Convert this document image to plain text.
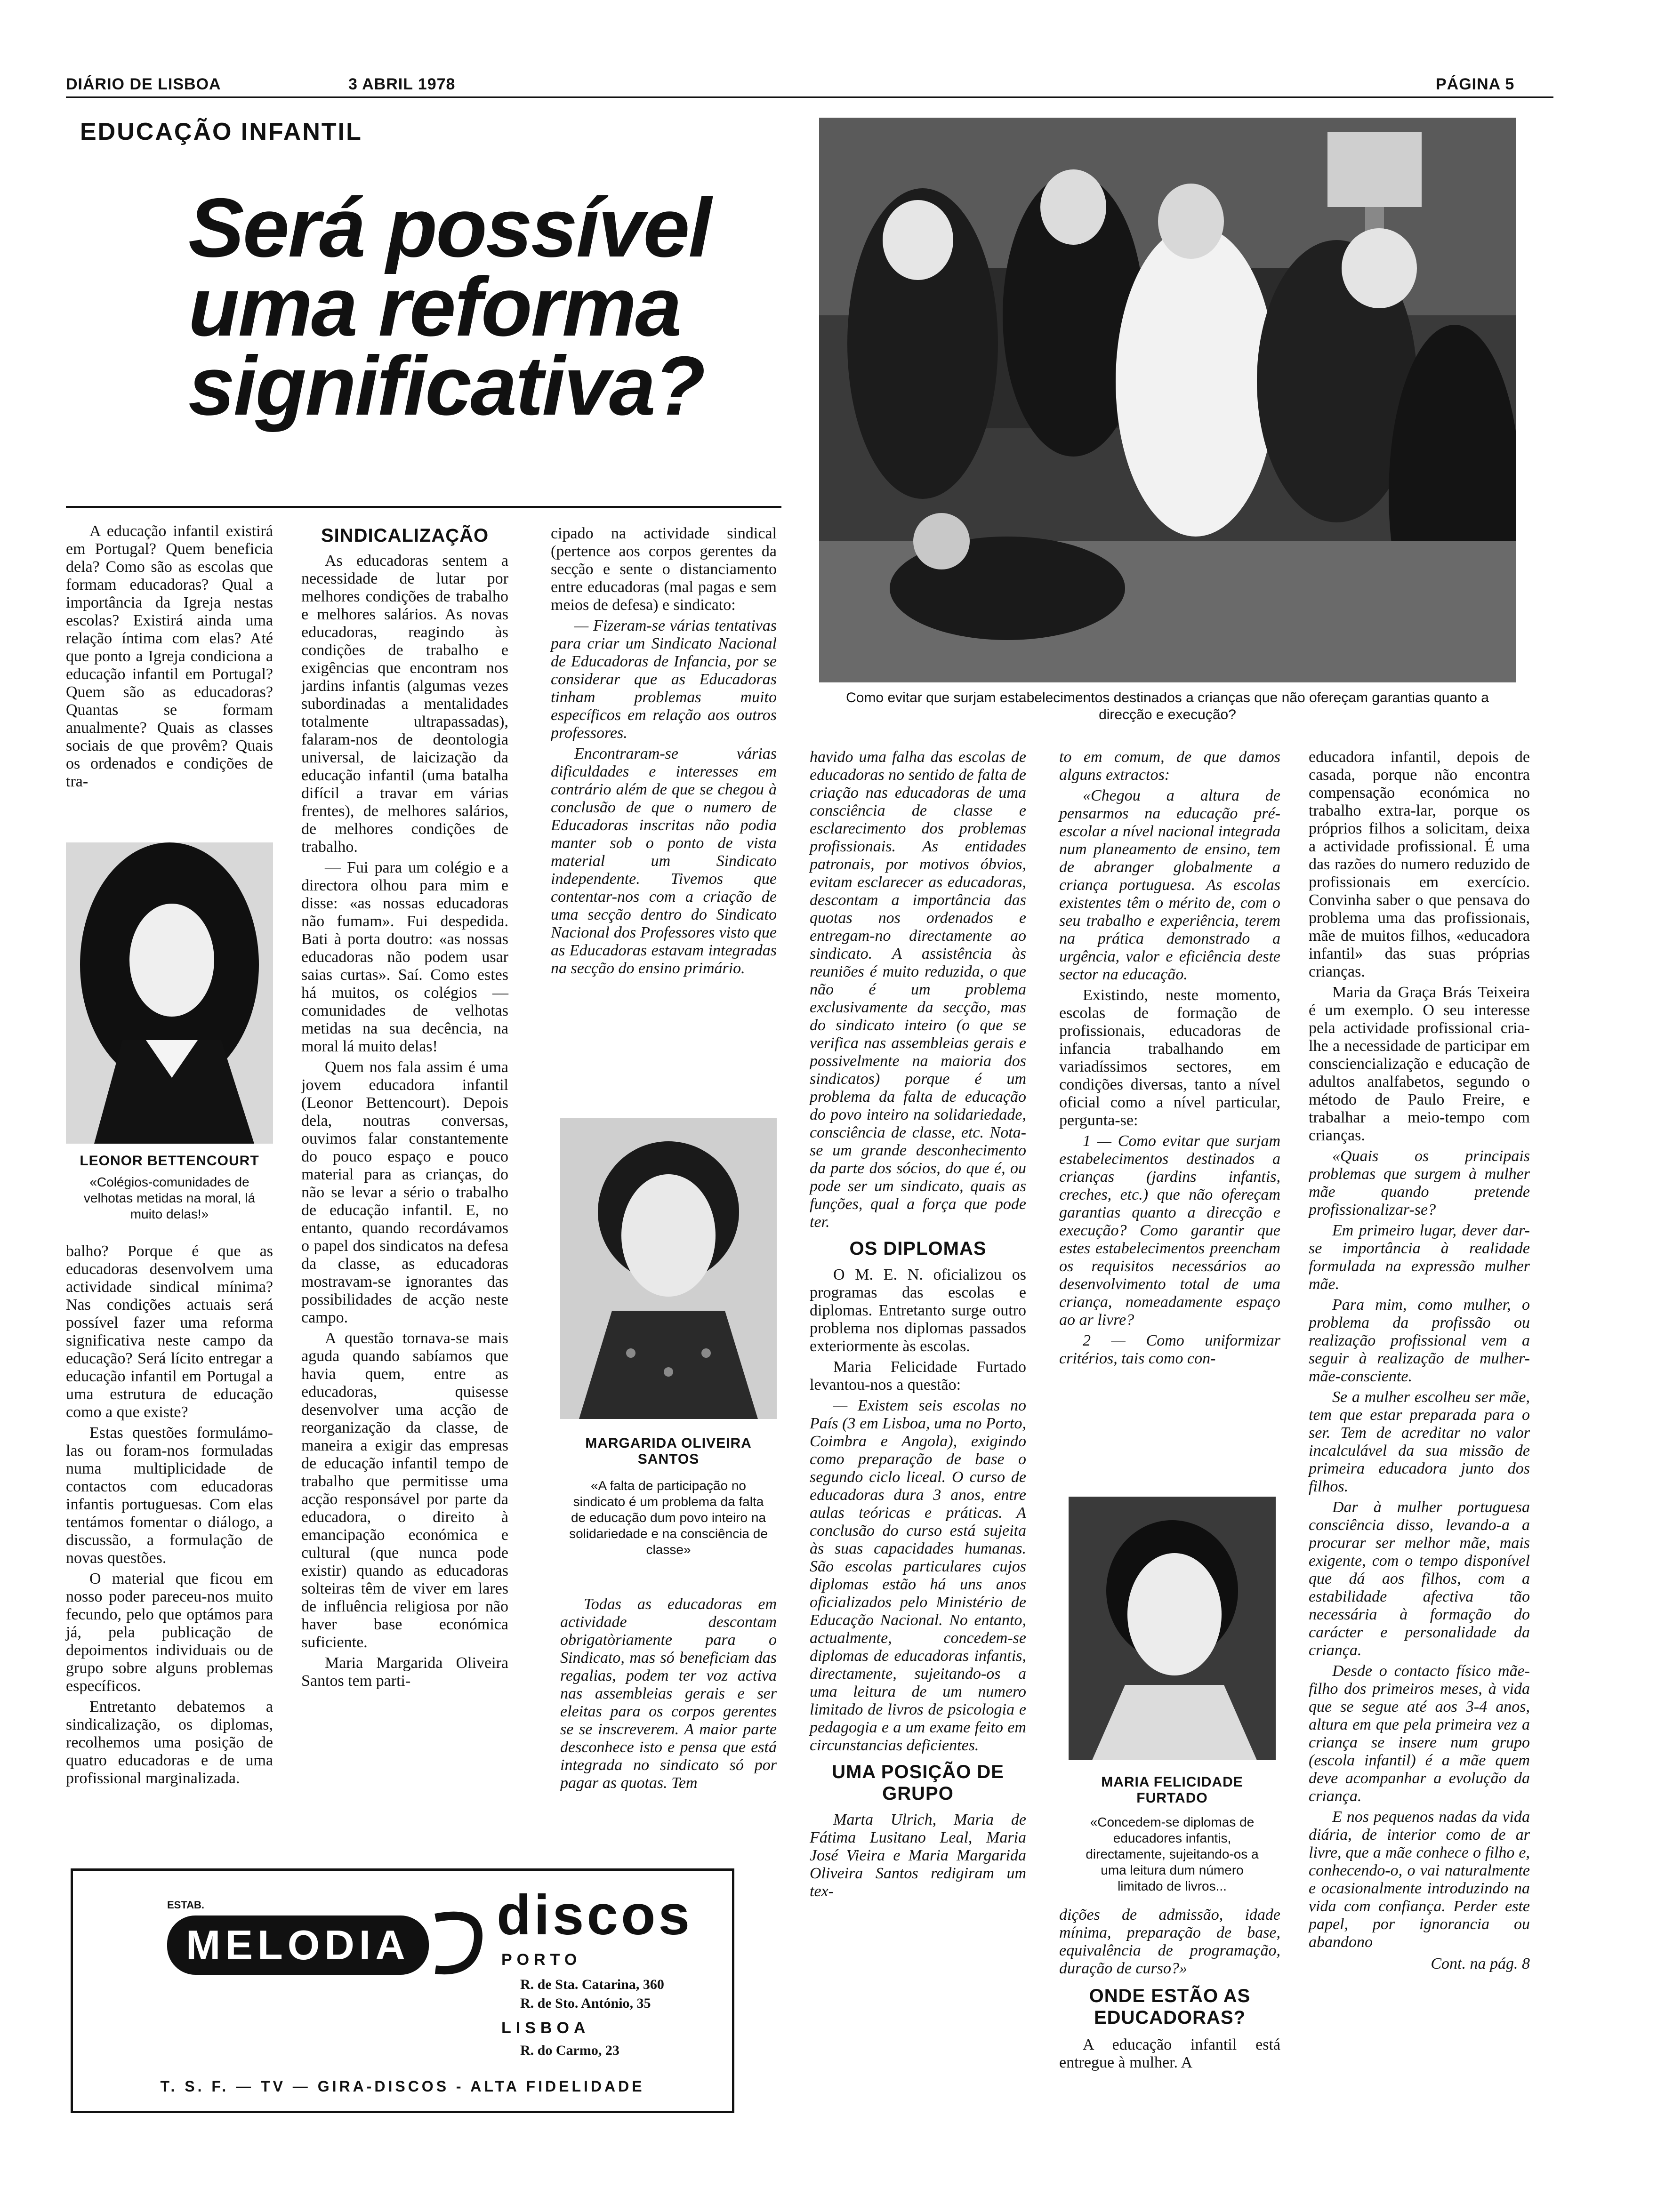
DIÁRIO DE LISBOA	3 ABRIL 1978	PÁGINA 5
EDUCAÇÃO INFANTIL
Será possível
uma reforma
significativa?
Como evitar que surjam estabelecimentos destinados a crianças que não ofereçam garantias quanto a direcção e execução?

A educação infantil existirá em Portugal? Quem beneficia dela? Como são as escolas que formam educadoras? Qual a importância da Igreja nestas escolas? Existirá ainda uma relação íntima com elas? Até que ponto a Igreja condiciona a educação infantil em Portugal? Quem são as educadoras? Quantas se formam anualmente? Quais as classes sociais de que provêm? Quais os ordenados e condições de tra-

LEONOR BETTENCOURT
«Colégios-comunidades de velhotas metidas na moral, lá muito delas!»

balho? Porque é que as educadoras desenvolvem uma actividade sindical mínima? Nas condições actuais será possível fazer uma reforma significativa neste campo da educação? Será lícito entregar a educação infantil em Portugal a uma estrutura de educação como a que existe?

Estas questões formulámo-las ou foram-nos formuladas numa multiplicidade de contactos com educadoras infantis portuguesas. Com elas tentámos fomentar o diálogo, a discussão, a formulação de novas questões.

O material que ficou em nosso poder pareceu-nos muito fecundo, pelo que optámos para já, pela publicação de depoimentos individuais ou de grupo sobre alguns problemas específicos.

Entretanto debatemos a sindicalização, os diplomas, recolhemos uma posição de quatro educadoras e de uma profissional marginalizada.

SINDICALIZAÇÃO

As educadoras sentem a necessidade de lutar por melhores condições de trabalho e melhores salários. As novas educadoras, reagindo às condições de trabalho e exigências que encontram nos jardins infantis (algumas vezes subordinadas a mentalidades totalmente ultrapassadas), falaram-nos de deontologia universal, de laicização da educação infantil (uma batalha difícil a travar em várias frentes), de melhores salários, de melhores condições de trabalho.

— Fui para um colégio e a directora olhou para mim e disse: «as nossas educadoras não fumam». Fui despedida. Bati à porta doutro: «as nossas educadoras não podem usar saias curtas». Saí. Como estes há muitos, os colégios — comunidades de velhotas metidas na sua decência, na moral lá muito delas!

Quem nos fala assim é uma jovem educadora infantil (Leonor Bettencourt). Depois dela, noutras conversas, ouvimos falar constantemente do pouco espaço e pouco material para as crianças, do não se levar a sério o trabalho de educação infantil. E, no entanto, quando recordávamos o papel dos sindicatos na defesa da classe, as educadoras mostravam-se ignorantes das possibilidades de acção neste campo.

A questão tornava-se mais aguda quando sabíamos que havia quem, entre as educadoras, quisesse desenvolver uma acção de reorganização da classe, de maneira a exigir das empresas de educação infantil tempo de trabalho que permitisse uma acção responsável por parte da educadora, o direito à emancipação económica e cultural (que nunca pode existir) quando as educadoras solteiras têm de viver em lares de influência religiosa por não haver base económica suficiente.

Maria Margarida Oliveira Santos tem parti-

cipado na actividade sindical (pertence aos corpos gerentes da secção e sente o distanciamento entre educadoras (mal pagas e sem meios de defesa) e sindicato:

— Fizeram-se várias tentativas para criar um Sindicato Nacional de Educadoras de Infancia, por se considerar que as Educadoras tinham problemas muito específicos em relação aos outros professores.

Encontraram-se várias dificuldades e interesses em contrário além de que se chegou à conclusão de que o numero de Educadoras inscritas não podia manter sob o ponto de vista material um Sindicato independente. Tivemos que contentar-nos com a criação de uma secção dentro do Sindicato Nacional dos Professores visto que as Educadoras estavam integradas na secção do ensino primário.

MARGARIDA OLIVEIRA SANTOS
«A falta de participação no sindicato é um problema da falta de educação dum povo inteiro na solidariedade e na consciência de classe»

Todas as educadoras em actividade descontam obrigatòriamente para o Sindicato, mas só beneficiam das regalias, podem ter voz activa nas assembleias gerais e ser eleitas para os corpos gerentes se se inscreverem. A maior parte desconhece isto e pensa que está integrada no sindicato só por pagar as quotas. Tem

havido uma falha das escolas de educadoras no sentido de falta de criação nas educadoras de uma consciência de classe e esclarecimento dos problemas profissionais. As entidades patronais, por motivos óbvios, evitam esclarecer as educadoras, descontam a importância das quotas nos ordenados e entregam-no directamente ao sindicato. A assistência às reuniões é muito reduzida, o que não é um problema exclusivamente da secção, mas do sindicato inteiro (o que se verifica nas assembleias gerais e possivelmente na maioria dos sindicatos) porque é um problema da falta de educação do povo inteiro na solidariedade, consciência de classe, etc. Nota-se um grande desconhecimento da parte dos sócios, do que é, ou pode ser um sindicato, quais as funções, qual a força que pode ter.

OS DIPLOMAS

O M. E. N. oficializou os programas das escolas e diplomas. Entretanto surge outro problema nos diplomas passados exteriormente às escolas.

Maria Felicidade Furtado levantou-nos a questão:

— Existem seis escolas no País (3 em Lisboa, uma no Porto, Coimbra e Angola), exigindo como preparação de base o segundo ciclo liceal. O curso de educadoras dura 3 anos, entre aulas teóricas e práticas. A conclusão do curso está sujeita às suas capacidades humanas. São escolas particulares cujos diplomas estão há uns anos oficializados pelo Ministério de Educação Nacional. No entanto, actualmente, concedem-se diplomas de educadoras infantis, directamente, sujeitando-os a uma leitura de um numero limitado de livros de psicologia e pedagogia e a um exame feito em circunstancias deficientes.

UMA POSIÇÃO DE GRUPO

Marta Ulrich, Maria de Fátima Lusitano Leal, Maria José Vieira e Maria Margarida Oliveira Santos redigiram um tex-

to em comum, de que damos alguns extractos:

«Chegou a altura de pensarmos na educação pré-escolar a nível nacional integrada num planeamento de ensino, tem de abranger globalmente a criança portuguesa. As escolas existentes têm o mérito de, com o seu trabalho e experiência, terem na prática demonstrado a urgência, valor e eficiência deste sector na educação.

Existindo, neste momento, escolas de formação de profissionais, educadoras de infancia trabalhando em variadíssimos sectores, em condições diversas, tanto a nível oficial como a nível particular, pergunta-se:

1 — Como evitar que surjam estabelecimentos destinados a crianças (jardins infantis, creches, etc.) que não ofereçam garantias quanto a direcção e execução? Como garantir que estes estabelecimentos preencham os requisitos necessários ao desenvolvimento total de uma criança, nomeadamente espaço ao ar livre?

2 — Como uniformizar critérios, tais como con-

MARIA FELICIDADE FURTADO
«Concedem-se diplomas de educadores infantis, directamente, sujeitando-os a uma leitura dum número limitado de livros...

dições de admissão, idade mínima, preparação de base, equivalência de programação, duração de curso?»

ONDE ESTÃO AS EDUCADORAS?

A educação infantil está entregue à mulher. A

educadora infantil, depois de casada, porque não encontra compensação económica no trabalho extra-lar, porque os próprios filhos a solicitam, deixa a actividade profissional. É uma das razões do numero reduzido de profissionais em exercício. Convinha saber o que pensava do problema uma das profissionais, mãe de muitos filhos, «educadora infantil» das suas próprias crianças.

Maria da Graça Brás Teixeira é um exemplo. O seu interesse pela actividade profissional cria-lhe a necessidade de participar em consciencialização e educação de adultos analfabetos, segundo o método de Paulo Freire, e trabalhar a meio-tempo com crianças.

«Quais os principais problemas que surgem à mulher mãe quando pretende profissionalizar-se?

Em primeiro lugar, dever dar-se importância à realidade formulada na expressão mulher mãe.

Para mim, como mulher, o problema da profissão ou realização profissional vem a seguir à realização de mulher-mãe-consciente.

Se a mulher escolheu ser mãe, tem que estar preparada para o ser. Tem de acreditar no valor incalculável da sua missão de primeira educadora junto dos filhos.

Dar à mulher portuguesa consciência disso, levando-a a procurar ser melhor mãe, mais exigente, com o tempo disponível que dá aos filhos, com a estabilidade afectiva tão necessária à formação do carácter e personalidade da criança.

Desde o contacto físico mãe-filho dos primeiros meses, à vida que se segue até aos 3-4 anos, altura em que pela primeira vez a criança se insere num grupo (escola infantil) é a mãe quem deve acompanhar a evolução da criança.

E nos pequenos nadas da vida diária, de interior como de ar livre, que a mãe conhece o filho e, conhecendo-o, o vai naturalmente e ocasionalmente introduzindo na vida com confiança. Perder este papel, por ignorancia ou abandono

Cont. na pág. 8
ESTAB.
MELODIA	discos
PORTO
R. de Sta. Catarina, 360
R. de Sto. António, 35
LISBOA
R. do Carmo, 23
T. S. F. — TV — GIRA-DISCOS - ALTA FIDELIDADE
